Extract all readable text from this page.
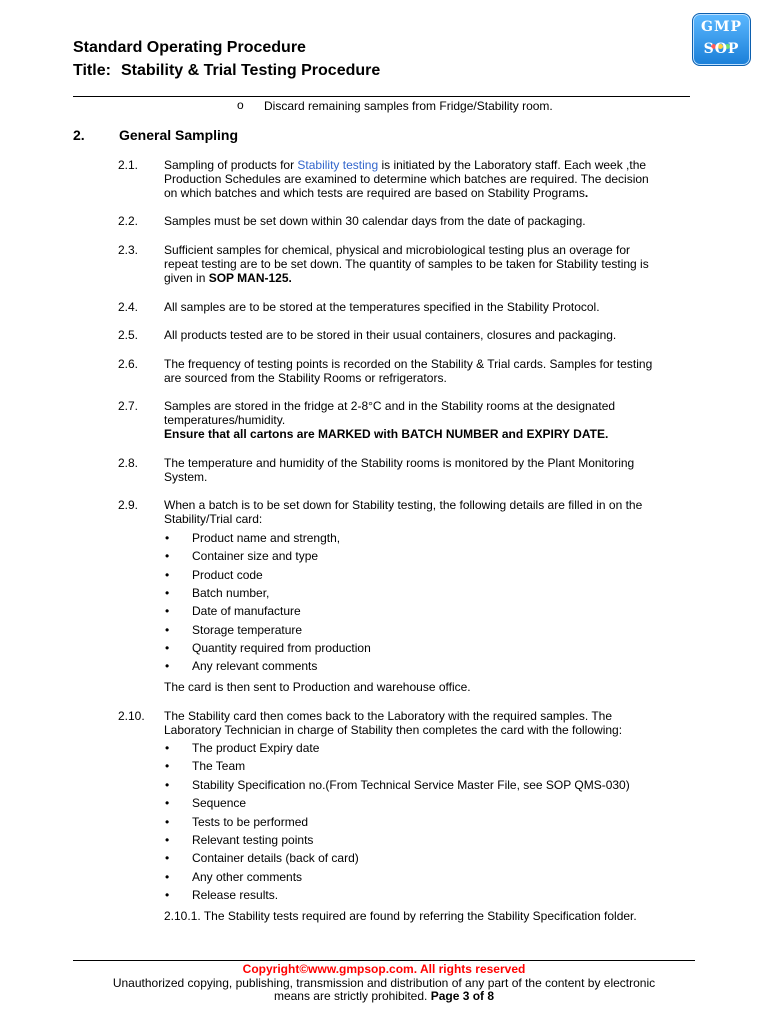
Standard Operating Procedure
Title: Stability & Trial Testing Procedure
GMP
SOP
o Discard remaining samples from Fridge/Stability room.
2. General Sampling
2.1. Sampling of products for Stability testing is initiated by the Laboratory staff. Each week ,the
Production Schedules are examined to determine which batches are required. The decision
on which batches and which tests are required are based on Stability Programs.
2.2. Samples must be set down within 30 calendar days from the date of packaging.
2.3. Sufficient samples for chemical, physical and microbiological testing plus an overage for
repeat testing are to be set down. The quantity of samples to be taken for Stability testing is
given in SOP MAN-125.
2.4. All samples are to be stored at the temperatures specified in the Stability Protocol.
2.5. All products tested are to be stored in their usual containers, closures and packaging.
2.6. The frequency of testing points is recorded on the Stability & Trial cards. Samples for testing
are sourced from the Stability Rooms or refrigerators.
2.7. Samples are stored in the fridge at 2-8°C and in the Stability rooms at the designated
temperatures/humidity.
Ensure that all cartons are MARKED with BATCH NUMBER and EXPIRY DATE.
2.8. The temperature and humidity of the Stability rooms is monitored by the Plant Monitoring
System.
2.9. When a batch is to be set down for Stability testing, the following details are filled in on the
Stability/Trial card:
• Product name and strength,
• Container size and type
• Product code
• Batch number,
• Date of manufacture
• Storage temperature
• Quantity required from production
• Any relevant comments
The card is then sent to Production and warehouse office.
2.10. The Stability card then comes back to the Laboratory with the required samples. The
Laboratory Technician in charge of Stability then completes the card with the following:
• The product Expiry date
• The Team
• Stability Specification no.(From Technical Service Master File, see SOP QMS-030)
• Sequence
• Tests to be performed
• Relevant testing points
• Container details (back of card)
• Any other comments
• Release results.
2.10.1. The Stability tests required are found by referring the Stability Specification folder.
Copyright©www.gmpsop.com. All rights reserved
Unauthorized copying, publishing, transmission and distribution of any part of the content by electronic
means are strictly prohibited. Page 3 of 8
